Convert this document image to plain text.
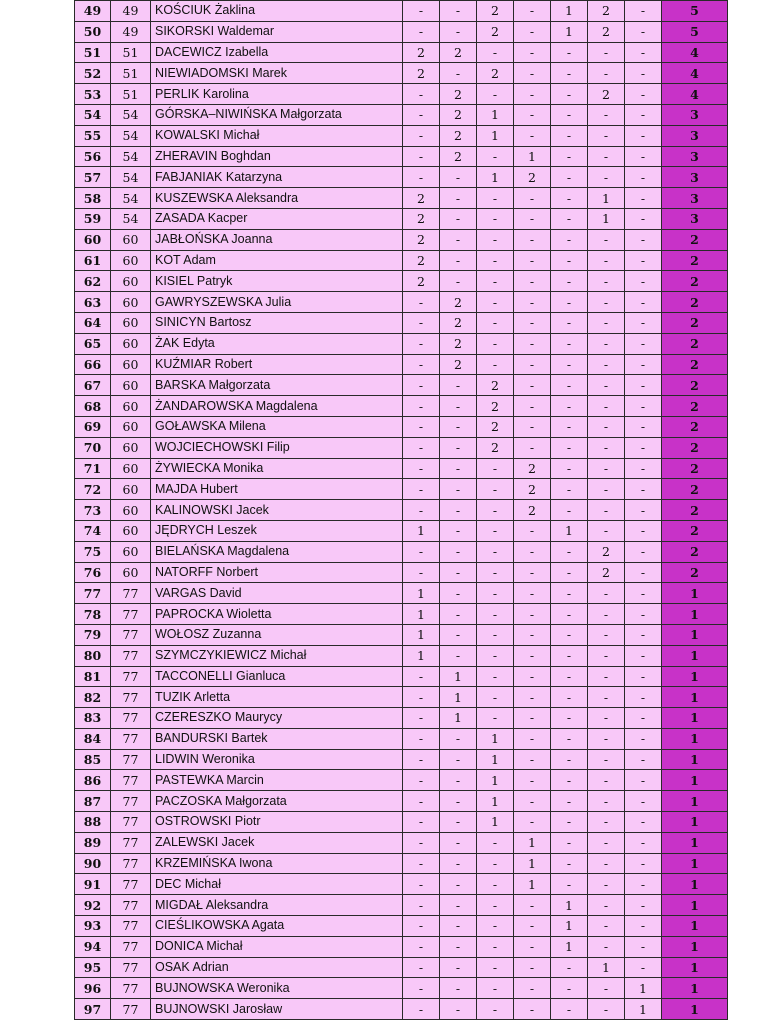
49	49	KOŚCIUK Żaklina	-	-	2	-	1	2	-	5
50	49	SIKORSKI Waldemar	-	-	2	-	1	2	-	5
51	51	DACEWICZ Izabella	2	2	-	-	-	-	-	4
52	51	NIEWIADOMSKI Marek	2	-	2	-	-	-	-	4
53	51	PERLIK Karolina	-	2	-	-	-	2	-	4
54	54	GÓRSKA–NIWIŃSKA Małgorzata	-	2	1	-	-	-	-	3
55	54	KOWALSKI Michał	-	2	1	-	-	-	-	3
56	54	ZHERAVIN Boghdan	-	2	-	1	-	-	-	3
57	54	FABJANIAK Katarzyna	-	-	1	2	-	-	-	3
58	54	KUSZEWSKA Aleksandra	2	-	-	-	-	1	-	3
59	54	ZASADA Kacper	2	-	-	-	-	1	-	3
60	60	JABŁOŃSKA Joanna	2	-	-	-	-	-	-	2
61	60	KOT Adam	2	-	-	-	-	-	-	2
62	60	KISIEL Patryk	2	-	-	-	-	-	-	2
63	60	GAWRYSZEWSKA Julia	-	2	-	-	-	-	-	2
64	60	SINICYN Bartosz	-	2	-	-	-	-	-	2
65	60	ŻAK Edyta	-	2	-	-	-	-	-	2
66	60	KUŹMIAR Robert	-	2	-	-	-	-	-	2
67	60	BARSKA Małgorzata	-	-	2	-	-	-	-	2
68	60	ŻANDAROWSKA Magdalena	-	-	2	-	-	-	-	2
69	60	GOŁAWSKA Milena	-	-	2	-	-	-	-	2
70	60	WOJCIECHOWSKI Filip	-	-	2	-	-	-	-	2
71	60	ŻYWIECKA Monika	-	-	-	2	-	-	-	2
72	60	MAJDA Hubert	-	-	-	2	-	-	-	2
73	60	KALINOWSKI Jacek	-	-	-	2	-	-	-	2
74	60	JĘDRYCH Leszek	1	-	-	-	1	-	-	2
75	60	BIELAŃSKA Magdalena	-	-	-	-	-	2	-	2
76	60	NATORFF Norbert	-	-	-	-	-	2	-	2
77	77	VARGAS David	1	-	-	-	-	-	-	1
78	77	PAPROCKA Wioletta	1	-	-	-	-	-	-	1
79	77	WOŁOSZ Zuzanna	1	-	-	-	-	-	-	1
80	77	SZYMCZYKIEWICZ Michał	1	-	-	-	-	-	-	1
81	77	TACCONELLI Gianluca	-	1	-	-	-	-	-	1
82	77	TUZIK Arletta	-	1	-	-	-	-	-	1
83	77	CZERESZKO Maurycy	-	1	-	-	-	-	-	1
84	77	BANDURSKI Bartek	-	-	1	-	-	-	-	1
85	77	LIDWIN Weronika	-	-	1	-	-	-	-	1
86	77	PASTEWKA Marcin	-	-	1	-	-	-	-	1
87	77	PACZOSKA Małgorzata	-	-	1	-	-	-	-	1
88	77	OSTROWSKI Piotr	-	-	1	-	-	-	-	1
89	77	ZALEWSKI Jacek	-	-	-	1	-	-	-	1
90	77	KRZEMIŃSKA Iwona	-	-	-	1	-	-	-	1
91	77	DEC Michał	-	-	-	1	-	-	-	1
92	77	MIGDAŁ Aleksandra	-	-	-	-	1	-	-	1
93	77	CIEŚLIKOWSKA Agata	-	-	-	-	1	-	-	1
94	77	DONICA Michał	-	-	-	-	1	-	-	1
95	77	OSAK Adrian	-	-	-	-	-	1	-	1
96	77	BUJNOWSKA Weronika	-	-	-	-	-	-	1	1
97	77	BUJNOWSKI Jarosław	-	-	-	-	-	-	1	1
